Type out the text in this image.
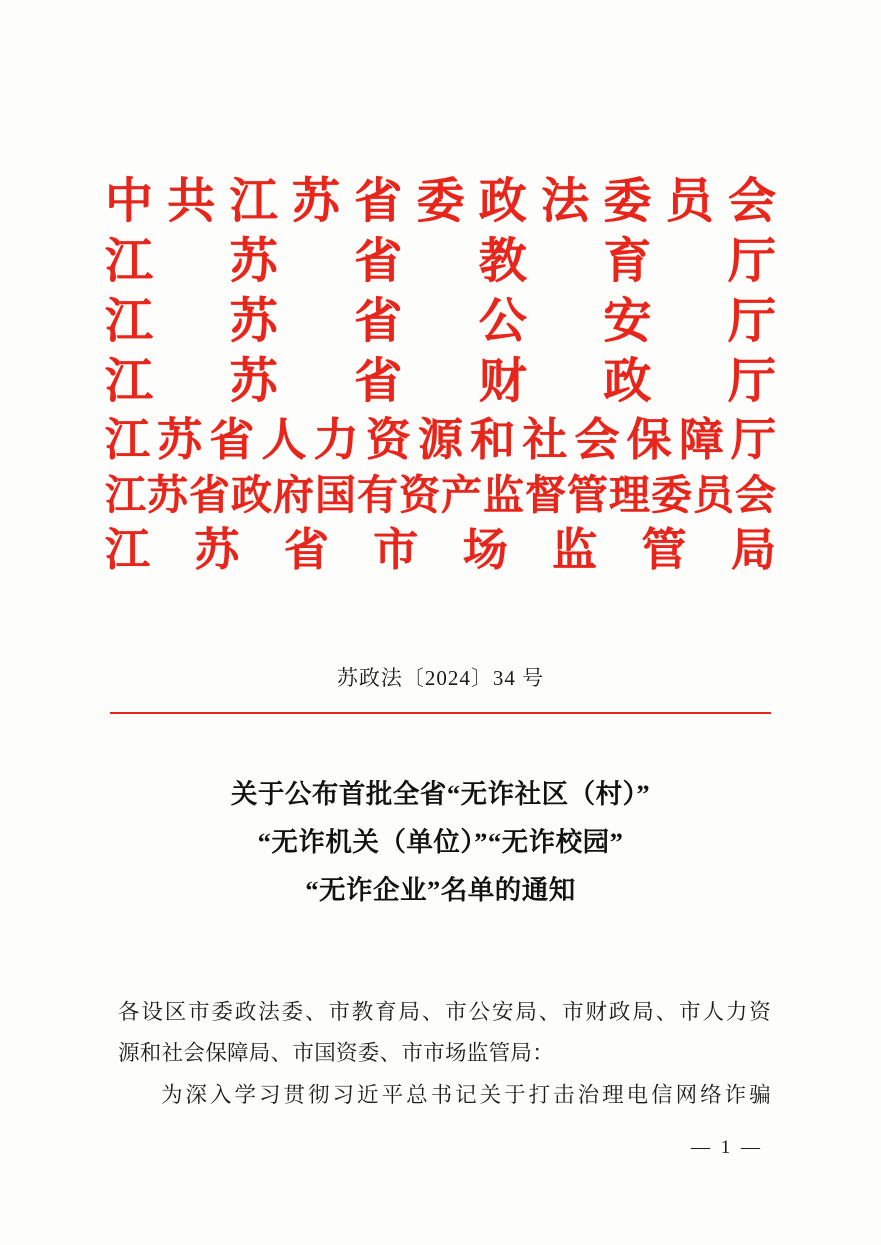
中共江苏省委政法委员会
江苏省教育厅
江苏省公安厅
江苏省财政厅
江苏省人力资源和社会保障厅
江苏省政府国有资产监督管理委员会
江苏省市场监管局
苏政法〔2024〕34 号
关于公布首批全省“无诈社区（村）”
“无诈机关（单位）”“无诈校园”
“无诈企业”名单的通知
各设区市委政法委、市教育局、市公安局、市财政局、市人力资
源和社会保障局、市国资委、市市场监管局：
为深入学习贯彻习近平总书记关于打击治理电信网络诈骗
— 1 —
